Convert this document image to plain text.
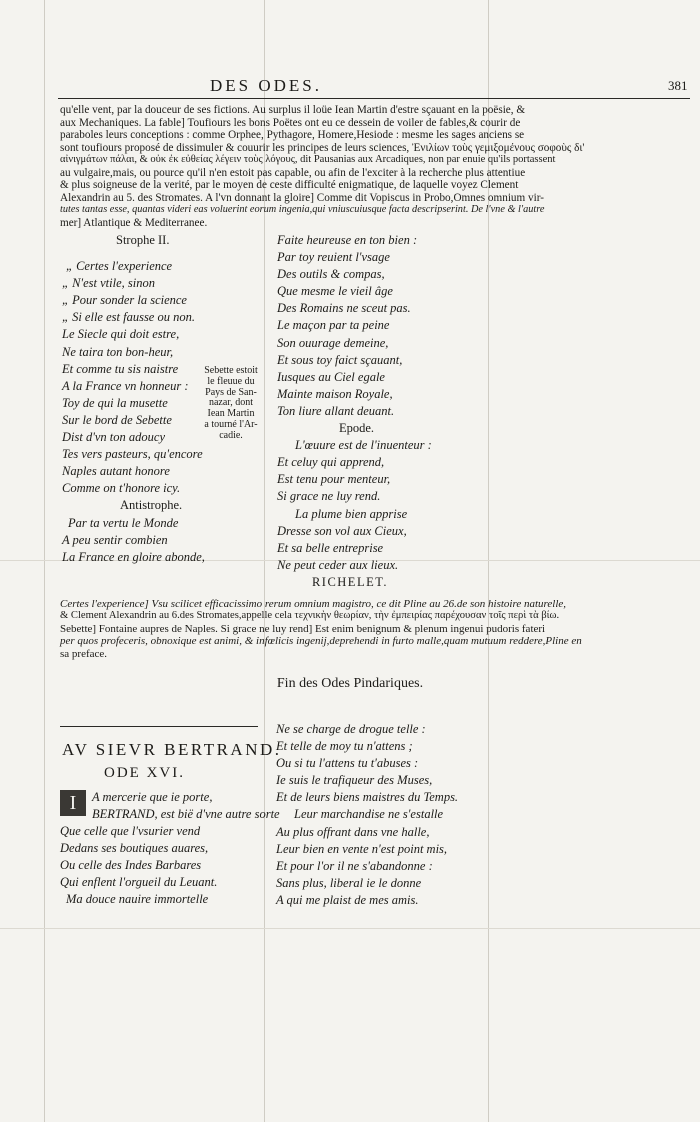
DES ODES.	381

qu'elle vent, par la douceur de ses fictions. Au surplus il loüe Iean Martin d'estre sçauant en la poësie, &

aux Mechaniques. La fable] Toufiours les bons Poëtes ont eu ce dessein de voiler de fables,& courir de

paraboles leurs conceptions : comme Orphee, Pythagore, Homere,Hesiode : mesme les sages anciens se

sont toufiours proposé de dissimuler & couurir les principes de leurs sciences, Ἐνιλίων τοὺς γεμιξομένους σοφοὺς δι'

αἰνιγμάτων πάλαι, & οὐκ ἐκ εὐθείας λέγειν τοὺς λόγους, dit Pausanias aux Arcadiques, non par enuie qu'ils portassent

au vulgaire,mais, ou pource qu'il n'en estoit pas capable, ou afin de l'exciter à la recherche plus attentiue

& plus soigneuse de la verité, par le moyen de ceste difficulté enigmatique, de laquelle voyez Clement

Alexandrin au 5. des Stromates. A l'vn donnant la gloire] Comme dit Vopiscus in Probo,Omnes omnium vir-

tutes tantas esse, quantas videri eas voluerint eorum ingenia,qui vniuscuiusque facta descripserint. De l'vne & l'autre

mer] Atlantique & Mediterranee.

Strophe II.
„ Certes l'experience
„ N'est vtile, sinon
„ Pour sonder la science
„ Si elle est fausse ou non.
Le Siecle qui doit estre,
Ne taira ton bon-heur,
Et comme tu sis naistre
A la France vn honneur :
Toy de qui la musette
Sur le bord de Sebette
Dist d'vn ton adoucy
Tes vers pasteurs, qu'encore
Naples autant honore
Comme on t'honore icy.
Antistrophe.
Par ta vertu le Monde
A peu sentir combien
La France en gloire abonde,
Sebette estoit
le fleuue du
Pays de San-
nazar, dont
Iean Martin
a tourné l'Ar-
cadie.
Faite heureuse en ton bien :
Par toy reuient l'vsage
Des outils & compas,
Que mesme le vieil âge
Des Romains ne sceut pas.
Le maçon par ta peine
Son ouurage demeine,
Et sous toy faict sçauant,
Iusques au Ciel egale
Mainte maison Royale,
Ton liure allant deuant.
Epode.
L'œuure est de l'inuenteur :
Et celuy qui apprend,
Est tenu pour menteur,
Si grace ne luy rend.
La plume bien apprise
Dresse son vol aux Cieux,
Et sa belle entreprise
Ne peut ceder aux lieux.
RICHELET.
Certes l'experience] Vsu scilicet efficacissimo rerum omnium magistro, ce dit Pline au 26.de son histoire naturelle,
& Clement Alexandrin au 6.des Stromates,appelle cela τεχνικὴν θεωρίαν, τὴν ἐμπειρίας παρέχουσαν τοῖς περὶ τὰ βίω.
Sebette] Fontaine aupres de Naples. Si grace ne luy rend] Est enim benignum & plenum ingenui pudoris fateri
per quos profeceris, obnoxique est animi, & infœlicis ingenij,deprehendi in furto malle,quam mutuum reddere,Pline en
sa preface.
Fin des Odes Pindariques.
AV SIEVR BERTRAND.
ODE XVI.
I	A mercerie que ie porte,
BERTRAND, est bië d'vne autre sorte
Que celle que l'vsurier vend
Dedans ses boutiques auares,
Ou celle des Indes Barbares
Qui enflent l'orgueil du Leuant.
Ma douce nauire immortelle
Ne se charge de drogue telle :
Et telle de moy tu n'attens ;
Ou si tu l'attens tu t'abuses :
Ie suis le trafiqueur des Muses,
Et de leurs biens maistres du Temps.
Leur marchandise ne s'estalle
Au plus offrant dans vne halle,
Leur bien en vente n'est point mis,
Et pour l'or il ne s'abandonne :
Sans plus, liberal ie le donne
A qui me plaist de mes amis.
